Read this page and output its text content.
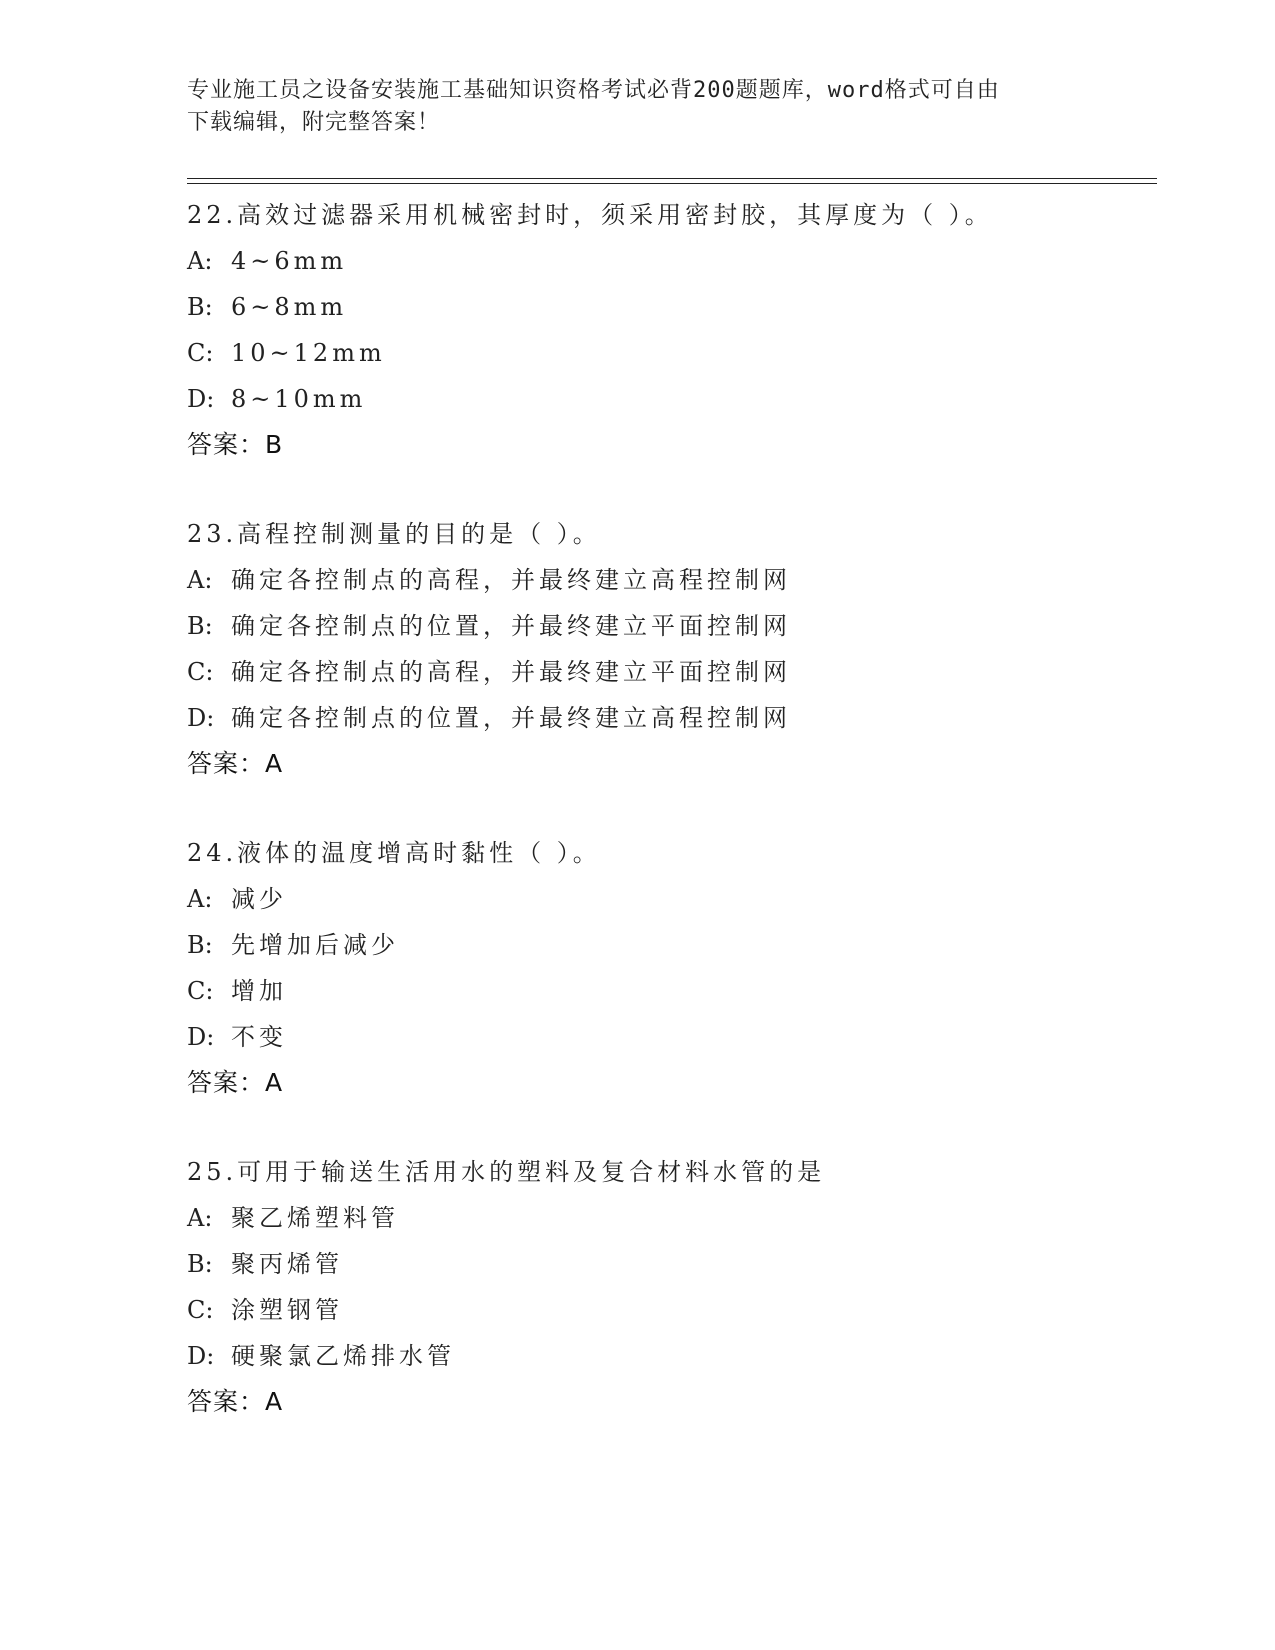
专业施工员之设备安装施工基础知识资格考试必背200题题库，word格式可自由
下载编辑，附完整答案！
22.高效过滤器采用机械密封时，须采用密封胶，其厚度为（ ）。
A: 4~6mm
B: 6~8mm
C: 10~12mm
D: 8~10mm
答案：B
23.高程控制测量的目的是（ ）。
A: 确定各控制点的高程，并最终建立高程控制网
B: 确定各控制点的位置，并最终建立平面控制网
C: 确定各控制点的高程，并最终建立平面控制网
D: 确定各控制点的位置，并最终建立高程控制网
答案：A
24.液体的温度增高时黏性（ ）。
A: 减少
B: 先增加后减少
C: 增加
D: 不变
答案：A
25.可用于输送生活用水的塑料及复合材料水管的是
A: 聚乙烯塑料管
B: 聚丙烯管
C: 涂塑钢管
D: 硬聚氯乙烯排水管
答案：A
